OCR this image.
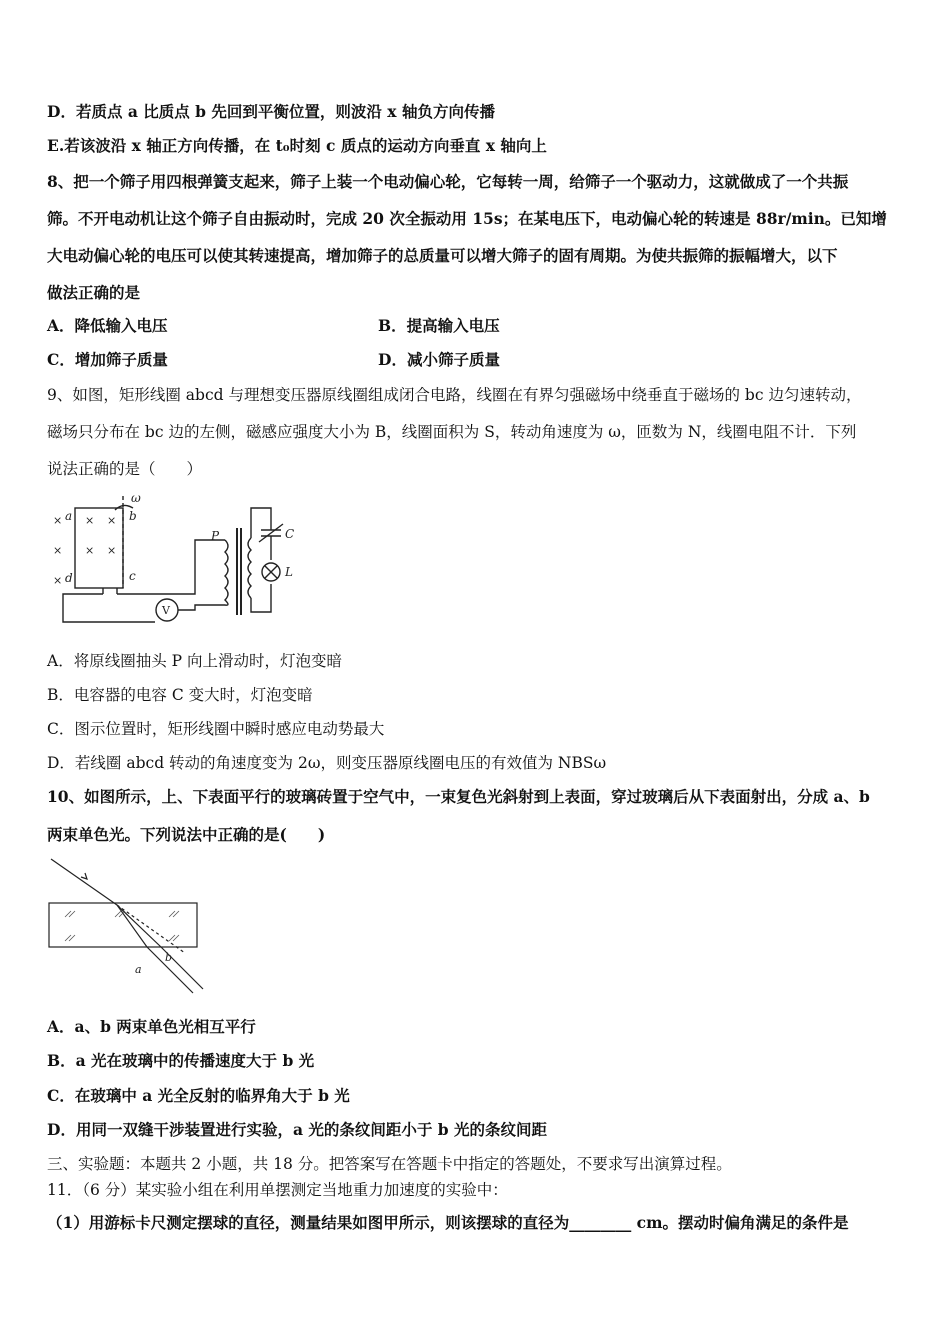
D．若质点 a 比质点 b 先回到平衡位置，则波沿 x 轴负方向传播
E.若该波沿 x 轴正方向传播，在 t₀时刻 c 质点的运动方向垂直 x 轴向上
8、把一个筛子用四根弹簧支起来，筛子上装一个电动偏心轮，它每转一周，给筛子一个驱动力，这就做成了一个共振
筛。不开电动机让这个筛子自由振动时，完成 20 次全振动用 15s；在某电压下，电动偏心轮的转速是 88r/min。已知增
大电动偏心轮的电压可以使其转速提高，增加筛子的总质量可以增大筛子的固有周期。为使共振筛的振幅增大，以下
做法正确的是
A．降低输入电压	B．提高输入电压
C．增加筛子质量	D．减小筛子质量
9、如图，矩形线圈 abcd 与理想变压器原线圈组成闭合电路，线圈在有界匀强磁场中绕垂直于磁场的 bc 边匀速转动，
磁场只分布在 bc 边的左侧，磁感应强度大小为 B，线圈面积为 S，转动角速度为 ω，匝数为 N，线圈电阻不计．下列
说法正确的是（　　）
×
×
×
×
×
×
×
a	b
c
d
ω
P	C
L
V
A．将原线圈抽头 P 向上滑动时，灯泡变暗
B．电容器的电容 C 变大时，灯泡变暗
C．图示位置时，矩形线圈中瞬时感应电动势最大
D．若线圈 abcd 转动的角速度变为 2ω，则变压器原线圈电压的有效值为 NBSω
10、如图所示，上、下表面平行的玻璃砖置于空气中，一束复色光斜射到上表面，穿过玻璃后从下表面射出，分成 a、b
两束单色光。下列说法中正确的是(　　)
a
b
A．a、b 两束单色光相互平行
B．a 光在玻璃中的传播速度大于 b 光
C．在玻璃中 a 光全反射的临界角大于 b 光
D．用同一双缝干涉装置进行实验，a 光的条纹间距小于 b 光的条纹间距
三、实验题：本题共 2 小题，共 18 分。把答案写在答题卡中指定的答题处，不要求写出演算过程。
11．（6 分）某实验小组在利用单摆测定当地重力加速度的实验中：
（1）用游标卡尺测定摆球的直径，测量结果如图甲所示，则该摆球的直径为________ cm。摆动时偏角满足的条件是
